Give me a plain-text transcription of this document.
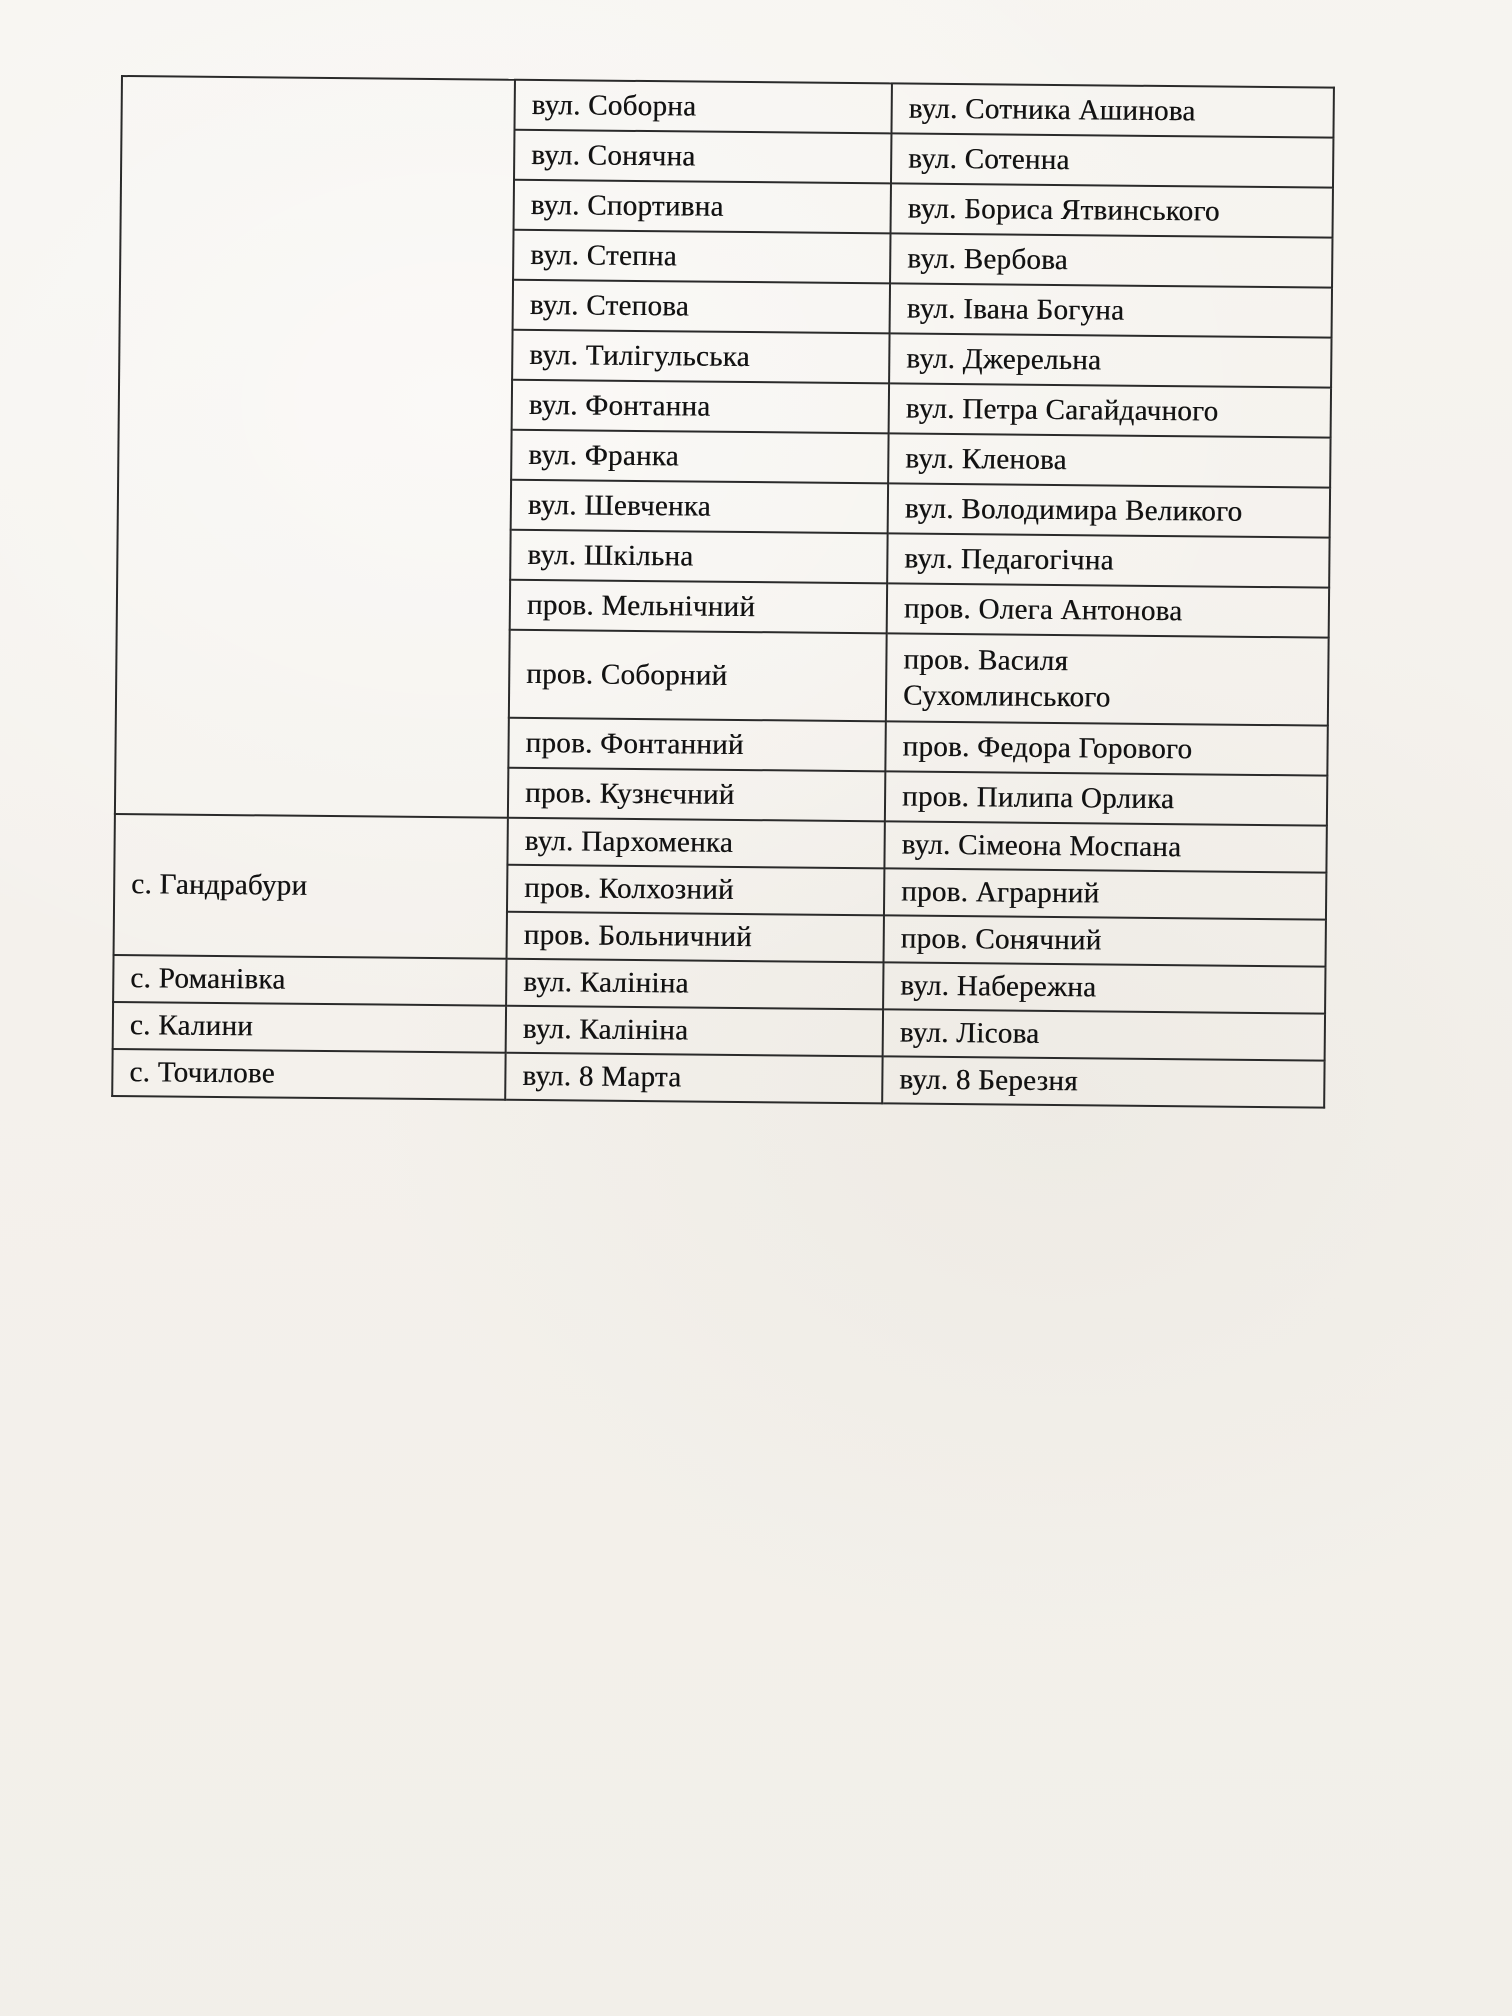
	вул. Соборна	вул. Сотника Ашинова
	вул. Сонячна	вул. Сотенна
	вул. Спортивна	вул. Бориса Ятвинського
	вул. Степна	вул. Вербова
	вул. Степова	вул. Івана Богуна
	вул. Тилігульська	вул. Джерельна
	вул. Фонтанна	вул. Петра Сагайдачного
	вул. Франка	вул. Кленова
	вул. Шевченка	вул. Володимира Великого
	вул. Шкільна	вул. Педагогічна
	пров. Мельнічний	пров. Олега Антонова
	пров. Соборний	пров. Василя
Сухомлинського
	пров. Фонтанний	пров. Федора Горового
	пров. Кузнєчний	пров. Пилипа Орлика
с. Гандрабури	вул. Пархоменка	вул. Сімеона Моспана
	пров. Колхозний	пров. Аграрний
	пров. Больничний	пров. Сонячний
с. Романівка	вул. Калініна	вул. Набережна
с. Калини	вул. Калініна	вул. Лісова
с. Точилове	вул. 8 Марта	вул. 8 Березня
